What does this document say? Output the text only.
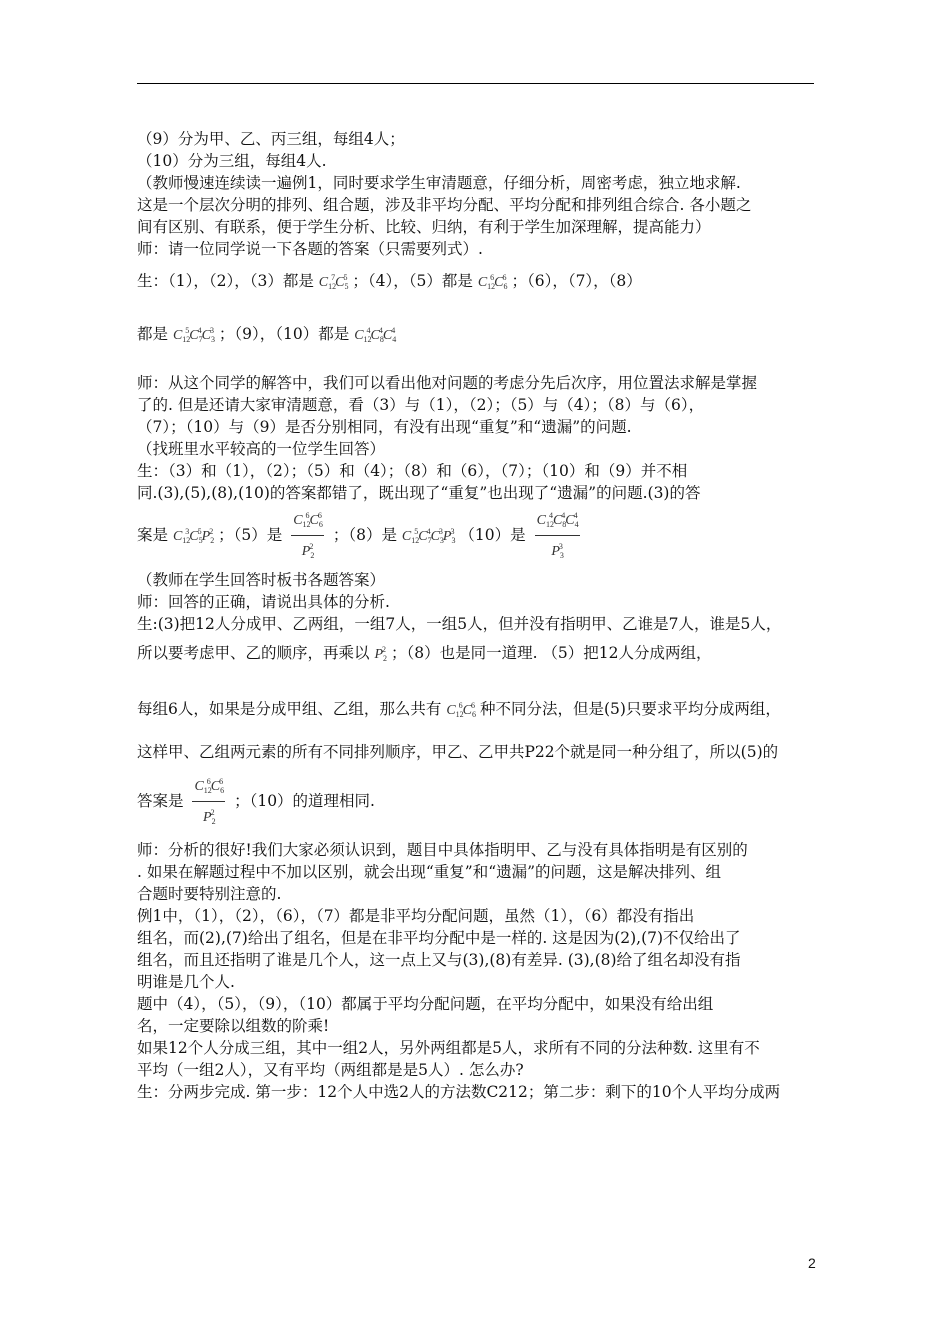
（9）分为甲、乙、丙三组，每组4人；
（10）分为三组，每组4人.
（教师慢速连续读一遍例1，同时要求学生审清题意，仔细分析，周密考虑，独立地求解.
这是一个层次分明的排列、组合题，涉及非平均分配、平均分配和排列组合综合. 各小题之
间有区别、有联系，便于学生分析、比较、归纳，有利于学生加深理解，提高能力）
师：请一位同学说一下各题的答案（只需要列式）.
生：（1），（2），（3）都是 $C_{12}^7C_5^5$ ；（4），（5）都是 $C_{12}^6C_6^6$ ；（6），（7），（8）
都是 $C_{12}^5C_7^4C_3^3$ ；（9），（10）都是 $C_{12}^4C_8^4C_4^4$
师：从这个同学的解答中，我们可以看出他对问题的考虑分先后次序，用位置法求解是掌握
了的. 但是还请大家审清题意，看（3）与（1），（2）；（5）与（4）；（8）与（6），
（7）；（10）与（9）是否分别相同，有没有出现“重复”和“遗漏”的问题.
（找班里水平较高的一位学生回答）
生：（3）和（1），（2）；（5）和（4）；（8）和（6），（7）；（10）和（9）并不相
同.(3),(5),(8),(10)的答案都错了，既出现了“重复”也出现了“遗漏”的问题.(3)的答
案是 $C_{12}^3C_5^5P_2^2$ ；（5）是 $\frac{C_{12}^6C_6^6}{P_2^2}$ ；（8）是 $C_{12}^5C_7^4C_3^3P_3^3$ （10）是 $\frac{C_{12}^4C_8^4C_4^4}{P_3^3}$
（教师在学生回答时板书各题答案）
师：回答的正确，请说出具体的分析.
生:(3)把12人分成甲、乙两组，一组7人，一组5人，但并没有指明甲、乙谁是7人，谁是5人，
所以要考虑甲、乙的顺序，再乘以 $P_2^2$ ；（8）也是同一道理. （5）把12人分成两组，
每组6人，如果是分成甲组、乙组，那么共有 $C_{12}^6C_6^6$ 种不同分法，但是(5)只要求平均分成两组，
这样甲、乙组两元素的所有不同排列顺序，甲乙、乙甲共P22个就是同一种分组了，所以(5)的
答案是 $\frac{C_{12}^6C_6^6}{P_2^2}$ ；（10）的道理相同.
师：分析的很好!我们大家必须认识到，题目中具体指明甲、乙与没有具体指明是有区别的
. 如果在解题过程中不加以区别，就会出现“重复”和“遗漏”的问题，这是解决排列、组
合题时要特别注意的.
例1中，（1），（2），（6），（7）都是非平均分配问题，虽然（1），（6）都没有指出
组名，而(2),(7)给出了组名，但是在非平均分配中是一样的. 这是因为(2),(7)不仅给出了
组名，而且还指明了谁是几个人，这一点上又与(3),(8)有差异. (3),(8)给了组名却没有指
明谁是几个人.
题中（4），（5），（9），（10）都属于平均分配问题，在平均分配中，如果没有给出组
名，一定要除以组数的阶乘!
如果12个人分成三组，其中一组2人，另外两组都是5人，求所有不同的分法种数. 这里有不
平均（一组2人），又有平均（两组都是是5人）. 怎么办?
生：分两步完成. 第一步：12个人中选2人的方法数C212；第二步：剩下的10个人平均分成两
2
